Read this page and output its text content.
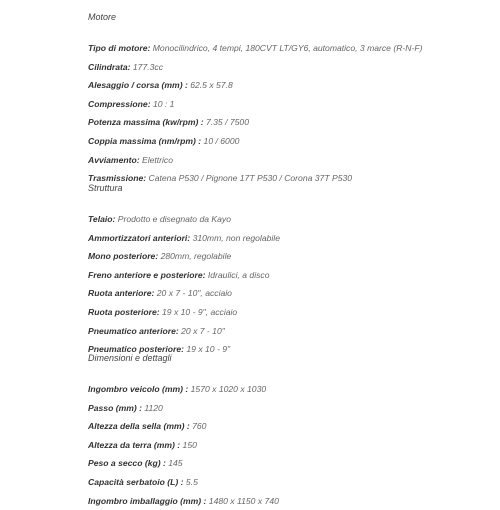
Motore
Tipo di motore: Monocilindrico, 4 tempi, 180CVT LT/GY6, automatico, 3 marce (R-N-F)
Cilindrata: 177.3cc
Alesaggio / corsa (mm) : 62.5 x 57.8
Compressione: 10 : 1
Potenza massima (kw/rpm) : 7.35 / 7500
Coppia massima (nm/rpm) : 10 / 6000
Avviamento: Elettrico
Trasmissione: Catena P530 / Pignone 17T P530 / Corona 37T P530
Struttura
Telaio: Prodotto e disegnato da Kayo
Ammortizzatori anteriori: 310mm, non regolabile
Mono posteriore: 280mm, regolabile
Freno anteriore e posteriore: Idraulici, a disco
Ruota anteriore: 20 x 7 - 10", acciaio
Ruota posteriore: 19 x 10 - 9", acciaio
Pneumatico anteriore: 20 x 7 - 10"
Pneumatico posteriore: 19 x 10 - 9"
Dimensioni e dettagli
Ingombro veicolo (mm) : 1570 x 1020 x 1030
Passo (mm) : 1120
Altezza della sella (mm) : 760
Altezza da terra (mm) : 150
Peso a secco (kg) : 145
Capacità serbatoio (L) : 5.5
Ingombro imballaggio (mm) : 1480 x 1150 x 740
